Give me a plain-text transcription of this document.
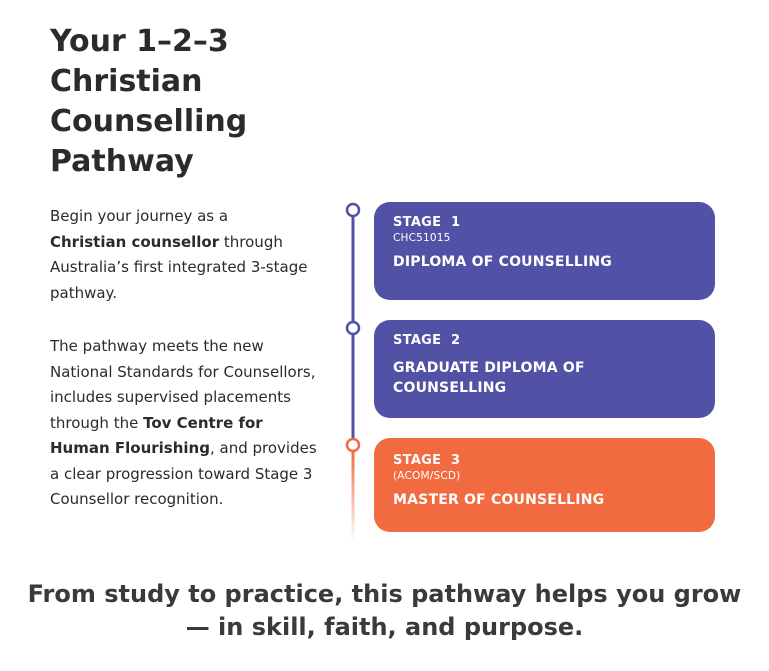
Your 1–2–3
Christian
Counselling
Pathway

Begin your journey as a
Christian counsellor through Australia’s first integrated 3-stage pathway.

The pathway meets the new National Standards for Counsellors, includes supervised placements through the Tov Centre for Human Flourishing, and provides a clear progression toward Stage 3 Counsellor recognition.

STAGE  1
CHC51015
DIPLOMA OF COUNSELLING
STAGE  2
GRADUATE DIPLOMA OF COUNSELLING
STAGE  3
(ACOM/SCD)
MASTER OF COUNSELLING

From study to practice, this pathway helps you grow
— in skill, faith, and purpose.
